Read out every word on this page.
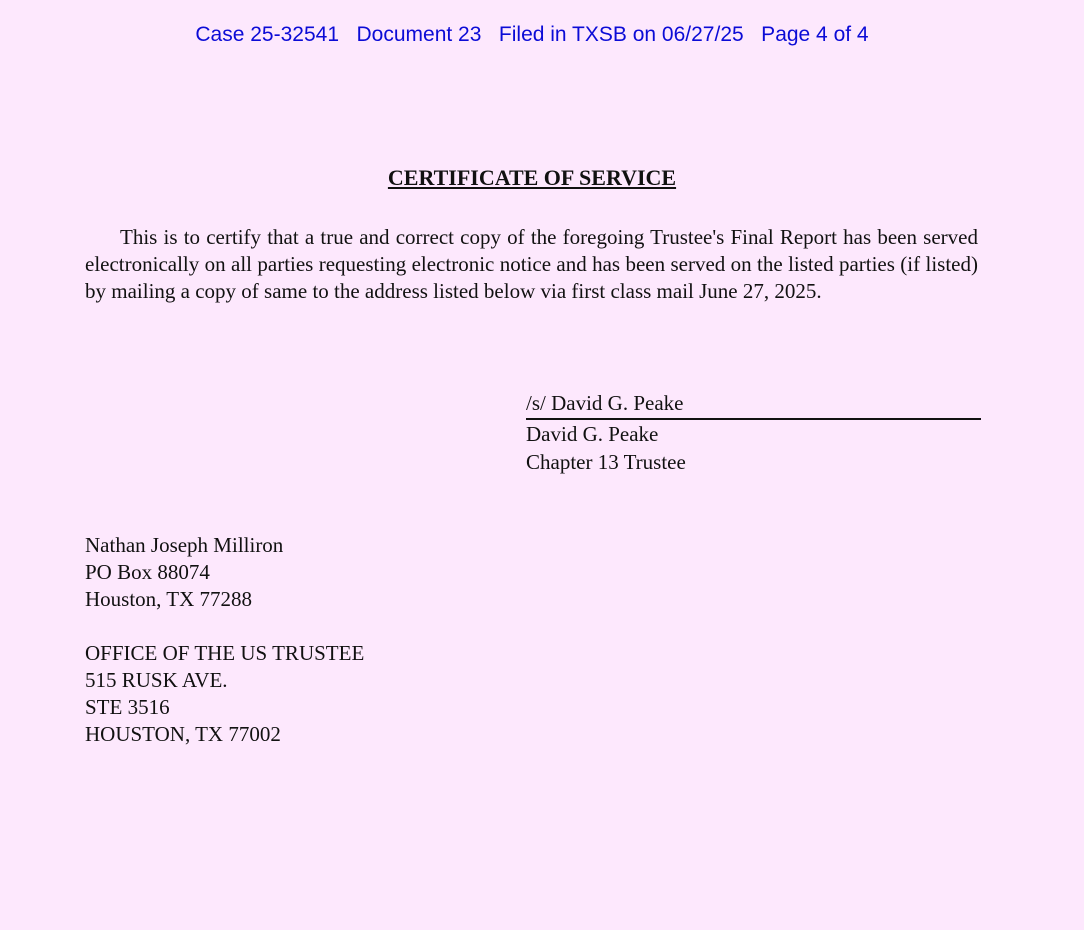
Case 25-32541   Document 23   Filed in TXSB on 06/27/25   Page 4 of 4
CERTIFICATE OF SERVICE
This is to certify that a true and correct copy of the foregoing Trustee's Final Report has been served electronically on all parties requesting electronic notice and has been served on the listed parties (if listed) by mailing a copy of same to the address listed below via first class mail June 27, 2025.
/s/ David G. Peake
David G. Peake
Chapter 13 Trustee
Nathan Joseph Milliron
PO Box 88074
Houston, TX 77288
OFFICE OF THE US TRUSTEE
515 RUSK AVE.
STE 3516
HOUSTON, TX 77002
